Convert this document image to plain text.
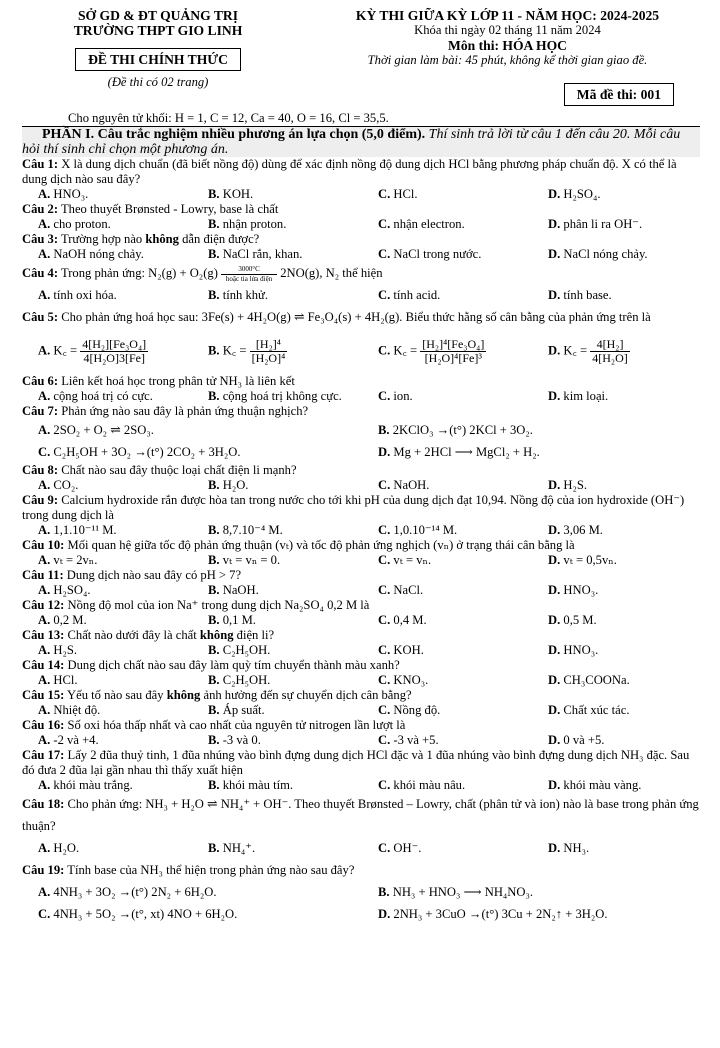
SỞ GD & ĐT QUẢNG TRỊ
TRƯỜNG THPT GIO LINH
ĐỀ THI CHÍNH THỨC
(Đề thi có 02 trang)
KỲ THI GIỮA KỲ LỚP 11 - NĂM HỌC: 2024-2025
Khóa thi ngày 02 tháng 11 năm 2024
Môn thi: HÓA HỌC
Thời gian làm bài: 45 phút, không kể thời gian giao đề.
Mã đề thi: 001
Cho nguyên tử khối: H = 1, C = 12, Ca = 40, O = 16, Cl = 35,5.
PHẦN I. Câu trắc nghiệm nhiều phương án lựa chọn (5,0 điểm). Thí sinh trả lời từ câu 1 đến câu 20. Mỗi câu hỏi thí sinh chỉ chọn một phương án.
Câu 1: X là dung dịch chuẩn (đã biết nồng độ) dùng để xác định nồng độ dung dịch HCl bằng phương pháp chuẩn độ. X có thể là dung dịch nào sau đây?
A. HNO₃.	B. KOH.	C. HCl.	D. H₂SO₄.
Câu 2: Theo thuyết Brønsted - Lowry, base là chất
A. cho proton.	B. nhận proton.	C. nhận electron.	D. phân li ra OH⁻.
Câu 3: Trường hợp nào không dẫn điện được?
A. NaOH nóng chảy.	B. NaCl rắn, khan.	C. NaCl trong nước.	D. NaCl nóng chảy.
Câu 4: Trong phản ứng: N₂(g) + O₂(g)	3000°C
hoặc tia lửa điện 2NO(g), N₂ thể hiện
A. tính oxi hóa.	B. tính khử.	C. tính acid.	D. tính base.
Câu 5: Cho phản ứng hoá học sau: 3Fe(s) + 4H₂O(g) ⇌ Fe₃O₄(s) + 4H₂(g). Biểu thức hằng số cân bằng của phản ứng trên là
A. K꜀ = $\frac{\text{4[H₂][Fe₃O₄]}}{\text{4[H₂O]3[Fe]}}$	B. K꜀ = $\frac{\text{[H₂]⁴}}{\text{[H₂O]⁴}}$	C. K꜀ = $\frac{\text{[H₂]⁴[Fe₃O₄]}}{\text{[H₂O]⁴[Fe]³}}$	D. K꜀ = $\frac{\text{4[H₂]}}{\text{4[H₂O]}}$
Câu 6: Liên kết hoá học trong phân tử NH₃ là liên kết
A. cộng hoá trị có cực.	B. cộng hoá trị không cực.	C. ion.	D. kim loại.
Câu 7: Phản ứng nào sau đây là phản ứng thuận nghịch?
A. 2SO₂ + O₂ ⇌ 2SO₃.	B. 2KClO₃ →(t°) 2KCl + 3O₂.
C. C₂H₅OH + 3O₂ →(t°) 2CO₂ + 3H₂O.	D. Mg + 2HCl ⟶ MgCl₂ + H₂.
Câu 8: Chất nào sau đây thuộc loại chất điện li mạnh?
A. CO₂.	B. H₂O.	C. NaOH.	D. H₂S.
Câu 9: Calcium hydroxide rắn được hòa tan trong nước cho tới khi pH của dung dịch đạt 10,94. Nồng độ của ion hydroxide (OH⁻) trong dung dịch là
A. 1,1.10⁻¹¹ M.	B. 8,7.10⁻⁴ M.	C. 1,0.10⁻¹⁴ M.	D. 3,06 M.
Câu 10: Mối quan hệ giữa tốc độ phản ứng thuận (vₜ) và tốc độ phản ứng nghịch (vₙ) ở trạng thái cân bằng là
A. vₜ = 2vₙ.	B. vₜ = vₙ = 0.	C. vₜ = vₙ.	D. vₜ = 0,5vₙ.
Câu 11: Dung dịch nào sau đây có pH > 7?
A. H₂SO₄.	B. NaOH.	C. NaCl.	D. HNO₃.
Câu 12: Nồng độ mol của ion Na⁺ trong dung dịch Na₂SO₄ 0,2 M là
A. 0,2 M.	B. 0,1 M.	C. 0,4 M.	D. 0,5 M.
Câu 13: Chất nào dưới đây là chất không điện li?
A. H₂S.	B. C₂H₅OH.	C. KOH.	D. HNO₃.
Câu 14: Dung dịch chất nào sau đây làm quỳ tím chuyển thành màu xanh?
A. HCl.	B. C₂H₅OH.	C. KNO₃.	D. CH₃COONa.
Câu 15: Yếu tố nào sau đây không ảnh hưởng đến sự chuyển dịch cân bằng?
A. Nhiệt độ.	B. Áp suất.	C. Nồng độ.	D. Chất xúc tác.
Câu 16: Số oxi hóa thấp nhất và cao nhất của nguyên tử nitrogen lần lượt là
A. -2 và +4.	B. -3 và 0.	C. -3 và +5.	D. 0 và +5.
Câu 17: Lấy 2 đũa thuỷ tinh, 1 đũa nhúng vào bình đựng dung dịch HCl đặc và 1 đũa nhúng vào bình đựng dung dịch NH₃ đặc. Sau đó đưa 2 đũa lại gần nhau thì thấy xuất hiện
A. khói màu trắng.	B. khói màu tím.	C. khói màu nâu.	D. khói màu vàng.
Câu 18: Cho phản ứng: NH₃ + H₂O ⇌ NH₄⁺ + OH⁻. Theo thuyết Brønsted – Lowry, chất (phân tử và ion) nào là base trong phản ứng thuận?
A. H₂O.	B. NH₄⁺.	C. OH⁻.	D. NH₃.
Câu 19: Tính base của NH₃ thể hiện trong phản ứng nào sau đây?
A. 4NH₃ + 3O₂ →(t°) 2N₂ + 6H₂O.	B. NH₃ + HNO₃ ⟶ NH₄NO₃.
C. 4NH₃ + 5O₂ →(t°, xt) 4NO + 6H₂O.	D. 2NH₃ + 3CuO →(t°) 3Cu + 2N₂↑ + 3H₂O.
